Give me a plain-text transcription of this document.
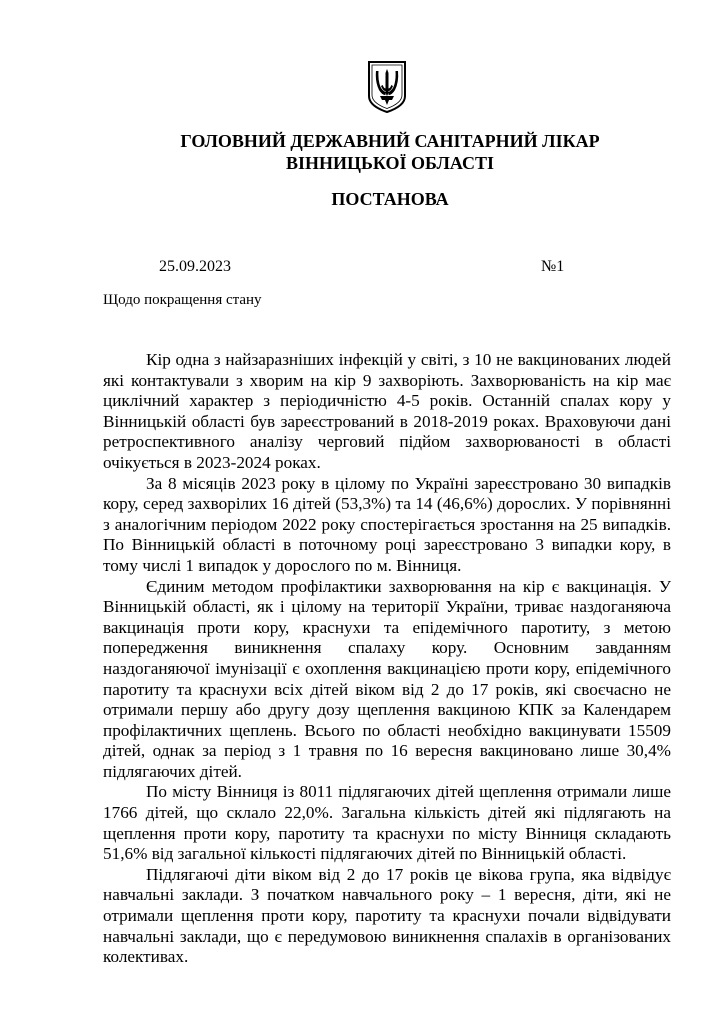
ГОЛОВНИЙ ДЕРЖАВНИЙ САНІТАРНИЙ ЛІКАР
ВІННИЦЬКОЇ ОБЛАСТІ
ПОСТАНОВА
25.09.2023	№1
Щодо покращення стану

Кір одна з найзаразніших інфекцій у світі, з 10 не вакцинованих людей які контактували з хворим на кір 9 захворіють. Захворюваність на кір має циклічний характер з періодичністю 4-5 років. Останній спалах кору у Вінницькій області був зареєстрований в 2018-2019 роках. Враховуючи дані ретроспективного аналізу черговий підйом захворюваності в області очікується в 2023-2024 роках.

За 8 місяців 2023 року в цілому по Україні зареєстровано 30 випадків кору, серед захворілих 16 дітей (53,3%) та 14 (46,6%) дорослих. У порівнянні з аналогічним періодом 2022 року спостерігається зростання на 25 випадків. По Вінницькій області в поточному році зареєстровано 3 випадки кору, в тому числі 1 випадок у дорослого по м. Вінниця.

Єдиним методом профілактики захворювання на кір є вакцинація. У Вінницькій області, як і цілому на території України, триває наздоганяюча вакцинація проти кору, краснухи та епідемічного паротиту, з метою попередження виникнення спалаху кору. Основним завданням наздоганяючої імунізації є охоплення вакцинацією проти кору, епідемічного паротиту та краснухи всіх дітей віком від 2 до 17 років, які своєчасно не отримали першу або другу дозу щеплення вакциною КПК за Календарем профілактичних щеплень. Всього по області необхідно вакцинувати 15509 дітей, однак за період з 1 травня по 16 вересня вакциновано лише 30,4% підлягаючих дітей.

По місту Вінниця із 8011 підлягаючих дітей щеплення отримали лише 1766 дітей, що склало 22,0%. Загальна кількість дітей які підлягають на щеплення проти кору, паротиту та краснухи по місту Вінниця складають 51,6% від загальної кількості підлягаючих дітей по Вінницькій області.

Підлягаючі діти віком від 2 до 17 років це вікова група, яка відвідує навчальні заклади. З початком навчального року – 1 вересня, діти, які не отримали щеплення проти кору, паротиту та краснухи почали відвідувати навчальні заклади, що є передумовою виникнення спалахів в організованих колективах.
